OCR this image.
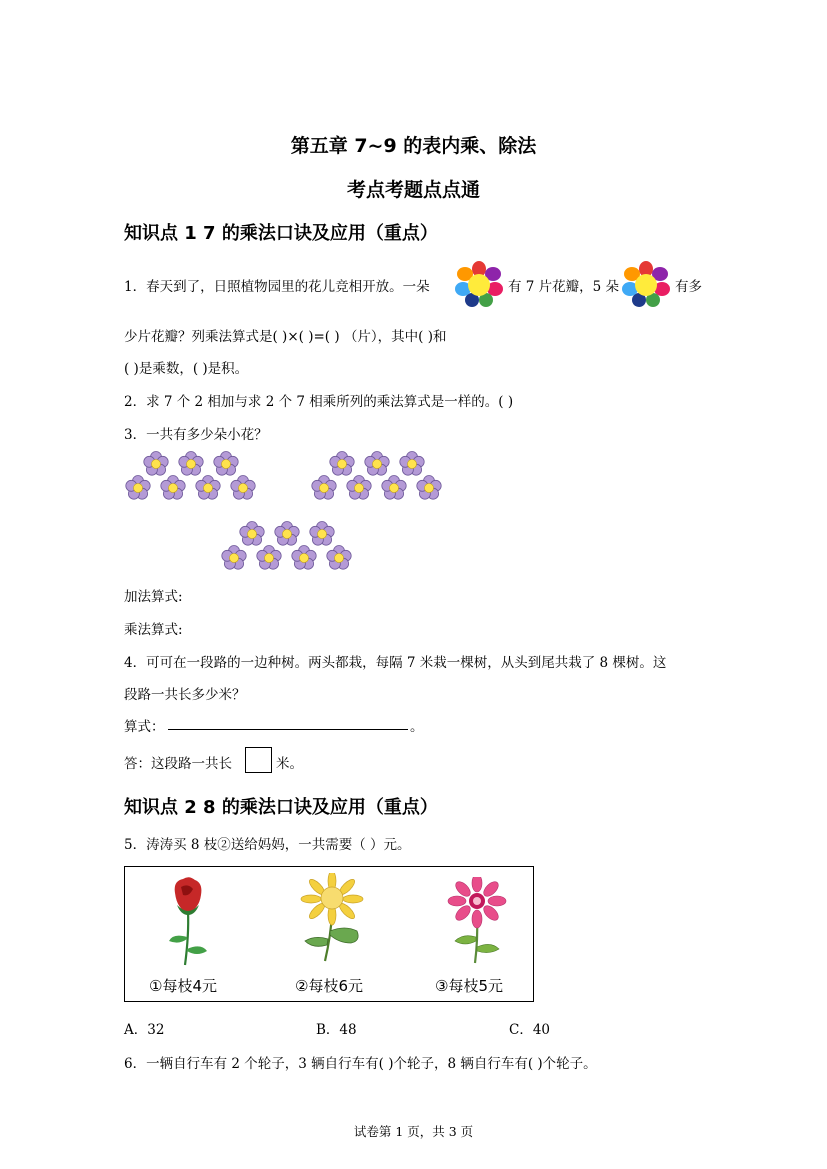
第五章 7~9 的表内乘、除法
考点考题点点通
知识点 1 7 的乘法口诀及应用（重点）
1．春天到了，日照植物园里的花儿竞相开放。一朵	有 7 片花瓣，5 朵	有多
少片花瓣？列乘法算式是( )×( )=( ) （片），其中( )和
( )是乘数，( )是积。
2．求 7 个 2 相加与求 2 个 7 相乘所列的乘法算式是一样的。( )
3．一共有多少朵小花？
加法算式:
乘法算式:
4．可可在一段路的一边种树。两头都栽，每隔 7 米栽一棵树，从头到尾共栽了 8 棵树。这
段路一共长多少米？
算式：	。
答：这段路一共长	米。
知识点 2 8 的乘法口诀及应用（重点）
5．涛涛买 8 枝②送给妈妈，一共需要（ ）元。
①每枝4元	②每枝6元	③每枝5元
A．32	B．48	C．40
6．一辆自行车有 2 个轮子，3 辆自行车有( )个轮子，8 辆自行车有( )个轮子。
试卷第 1 页，共 3 页
